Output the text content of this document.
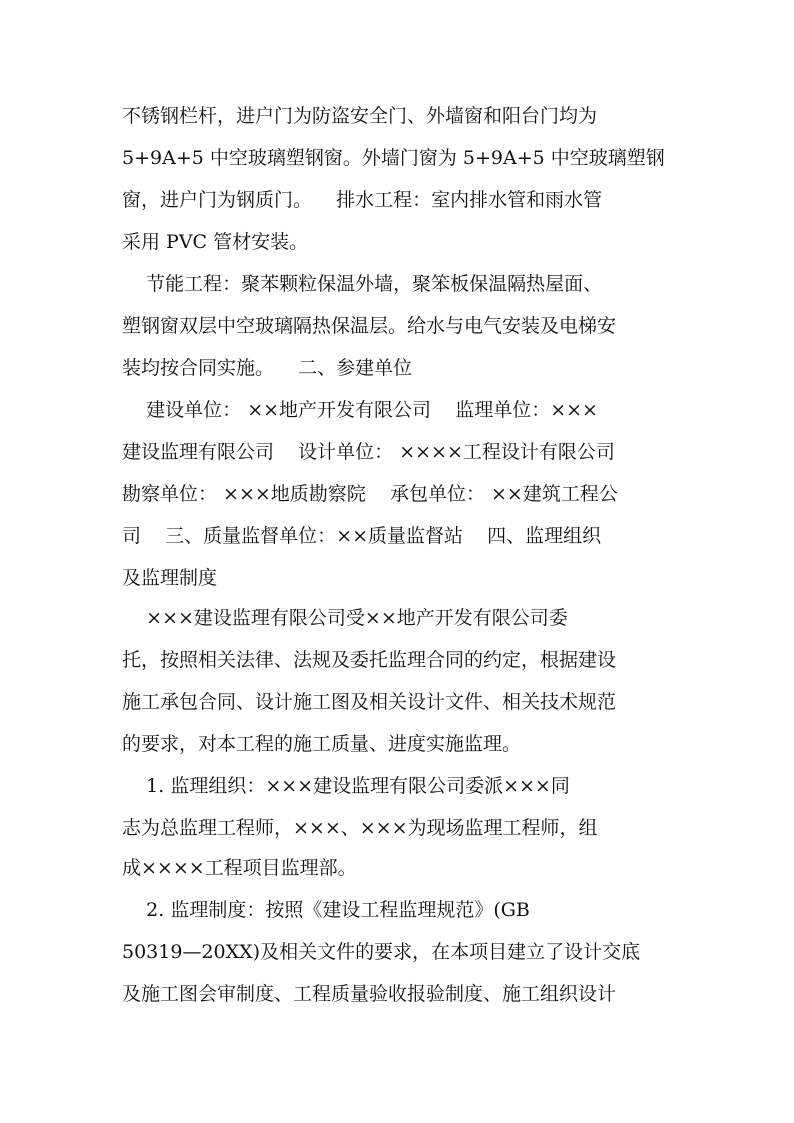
不锈钢栏杆，进户门为防盗安全门、外墙窗和阳台门均为
5+9A+5 中空玻璃塑钢窗。外墙门窗为 5+9A+5 中空玻璃塑钢
窗，进户门为钢质门。    排水工程：室内排水管和雨水管
采用 PVC 管材安装。
节能工程：聚苯颗粒保温外墙，聚笨板保温隔热屋面、
塑钢窗双层中空玻璃隔热保温层。给水与电气安装及电梯安
装均按合同实施。    二、参建单位
建设单位： ××地产开发有限公司    监理单位：×××
建设监理有限公司    设计单位： ××××工程设计有限公司
勘察单位： ×××地质勘察院    承包单位： ××建筑工程公
司    三、质量监督单位：××质量监督站    四、监理组织
及监理制度
×××建设监理有限公司受××地产开发有限公司委
托，按照相关法律、法规及委托监理合同的约定，根据建设
施工承包合同、设计施工图及相关设计文件、相关技术规范
的要求，对本工程的施工质量、进度实施监理。
1. 监理组织：×××建设监理有限公司委派×××同
志为总监理工程师，×××、×××为现场监理工程师，组
成××××工程项目监理部。
2. 监理制度：按照《建设工程监理规范》(GB
50319—20XX)及相关文件的要求，在本项目建立了设计交底
及施工图会审制度、工程质量验收报验制度、施工组织设计
